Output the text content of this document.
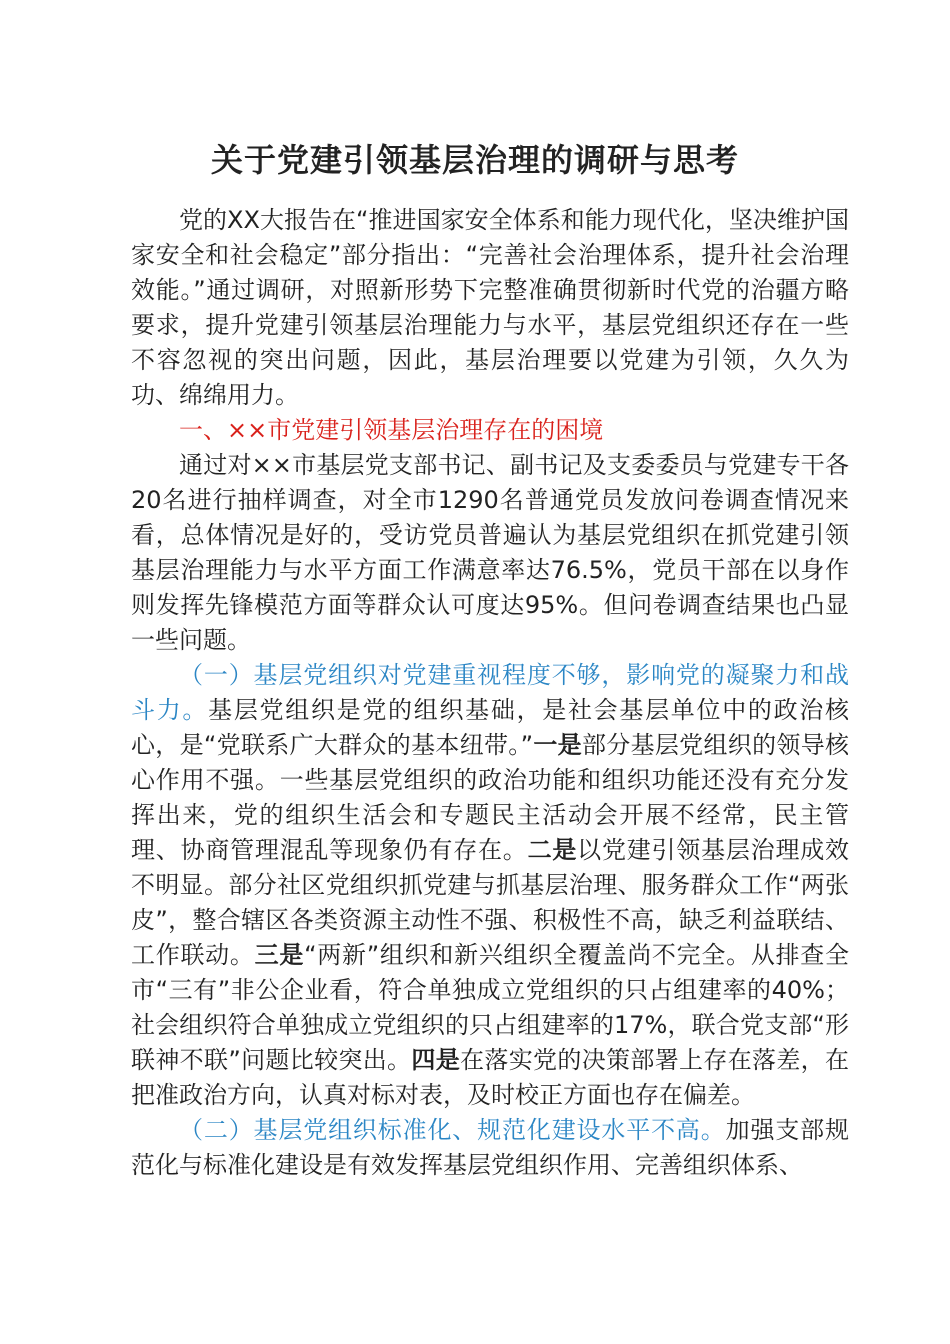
关于党建引领基层治理的调研与思考

党的XX大报告在“推进国家安全体系和能力现代化，坚决维护国家安全和社会稳定”部分指出：“完善社会治理体系，提升社会治理效能。”通过调研，对照新形势下完整准确贯彻新时代党的治疆方略要求，提升党建引领基层治理能力与水平，基层党组织还存在一些不容忽视的突出问题，因此，基层治理要以党建为引领，久久为功、绵绵用力。

一、××市党建引领基层治理存在的困境

通过对××市基层党支部书记、副书记及支委委员与党建专干各20名进行抽样调查，对全市1290名普通党员发放问卷调查情况来看，总体情况是好的，受访党员普遍认为基层党组织在抓党建引领基层治理能力与水平方面工作满意率达76.5%，党员干部在以身作则发挥先锋模范方面等群众认可度达95%。但问卷调查结果也凸显一些问题。

（一）基层党组织对党建重视程度不够，影响党的凝聚力和战斗力。基层党组织是党的组织基础，是社会基层单位中的政治核心，是“党联系广大群众的基本纽带。”一是部分基层党组织的领导核心作用不强。一些基层党组织的政治功能和组织功能还没有充分发挥出来，党的组织生活会和专题民主活动会开展不经常，民主管理、协商管理混乱等现象仍有存在。二是以党建引领基层治理成效不明显。部分社区党组织抓党建与抓基层治理、服务群众工作“两张皮”，整合辖区各类资源主动性不强、积极性不高，缺乏利益联结、工作联动。三是“两新”组织和新兴组织全覆盖尚不完全。从排查全市“三有”非公企业看，符合单独成立党组织的只占组建率的40%；社会组织符合单独成立党组织的只占组建率的17%，联合党支部“形联神不联”问题比较突出。四是在落实党的决策部署上存在落差，在把准政治方向，认真对标对表，及时校正方面也存在偏差。

（二）基层党组织标准化、规范化建设水平不高。加强支部规范化与标准化建设是有效发挥基层党组织作用、完善组织体系、
